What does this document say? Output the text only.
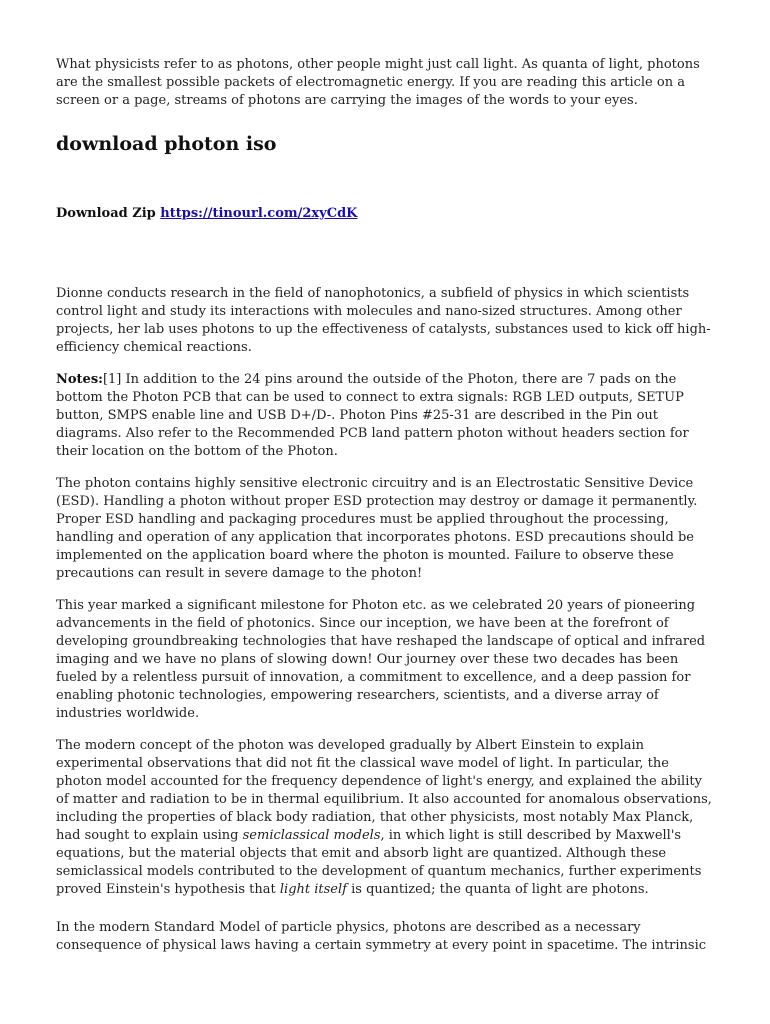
What physicists refer to as photons, other people might just call light. As quanta of light, photons are the smallest possible packets of electromagnetic energy. If you are reading this article on a screen or a page, streams of photons are carrying the images of the words to your eyes.

download photon iso

Download Zip https://tinourl.com/2xyCdK

Dionne conducts research in the field of nanophotonics, a subfield of physics in which scientists control light and study its interactions with molecules and nano-sized structures. Among other projects, her lab uses photons to up the effectiveness of catalysts, substances used to kick off high-efficiency chemical reactions.

Notes:[1] In addition to the 24 pins around the outside of the Photon, there are 7 pads on the bottom the Photon PCB that can be used to connect to extra signals: RGB LED outputs, SETUP button, SMPS enable line and USB D+/D-. Photon Pins #25-31 are described in the Pin out diagrams. Also refer to the Recommended PCB land pattern photon without headers section for their location on the bottom of the Photon.

The photon contains highly sensitive electronic circuitry and is an Electrostatic Sensitive Device (ESD). Handling a photon without proper ESD protection may destroy or damage it permanently. Proper ESD handling and packaging procedures must be applied throughout the processing, handling and operation of any application that incorporates photons. ESD precautions should be implemented on the application board where the photon is mounted. Failure to observe these precautions can result in severe damage to the photon!

This year marked a significant milestone for Photon etc. as we celebrated 20 years of pioneering advancements in the field of photonics. Since our inception, we have been at the forefront of developing groundbreaking technologies that have reshaped the landscape of optical and infrared imaging and we have no plans of slowing down! Our journey over these two decades has been fueled by a relentless pursuit of innovation, a commitment to excellence, and a deep passion for enabling photonic technologies, empowering researchers, scientists, and a diverse array of industries worldwide.

The modern concept of the photon was developed gradually by Albert Einstein to explain experimental observations that did not fit the classical wave model of light. In particular, the photon model accounted for the frequency dependence of light's energy, and explained the ability of matter and radiation to be in thermal equilibrium. It also accounted for anomalous observations, including the properties of black body radiation, that other physicists, most notably Max Planck, had sought to explain using semiclassical models, in which light is still described by Maxwell's equations, but the material objects that emit and absorb light are quantized. Although these semiclassical models contributed to the development of quantum mechanics, further experiments proved Einstein's hypothesis that light itself is quantized; the quanta of light are photons.

In the modern Standard Model of particle physics, photons are described as a necessary consequence of physical laws having a certain symmetry at every point in spacetime. The intrinsic
